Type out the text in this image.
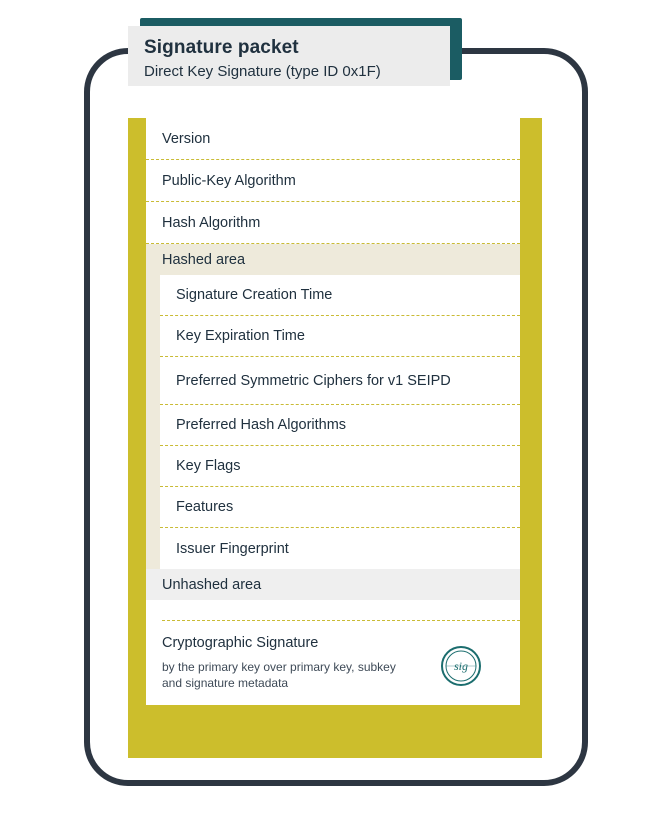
Signature packet
Direct Key Signature (type ID 0x1F)
Version
Public-Key Algorithm
Hash Algorithm
Hashed area
Signature Creation Time
Key Expiration Time
Preferred Symmetric Ciphers for v1 SEIPD
Preferred Hash Algorithms
Key Flags
Features
Issuer Fingerprint
Unhashed area
Cryptographic Signature
by the primary key over primary key, subkey and signature metadata
sig
